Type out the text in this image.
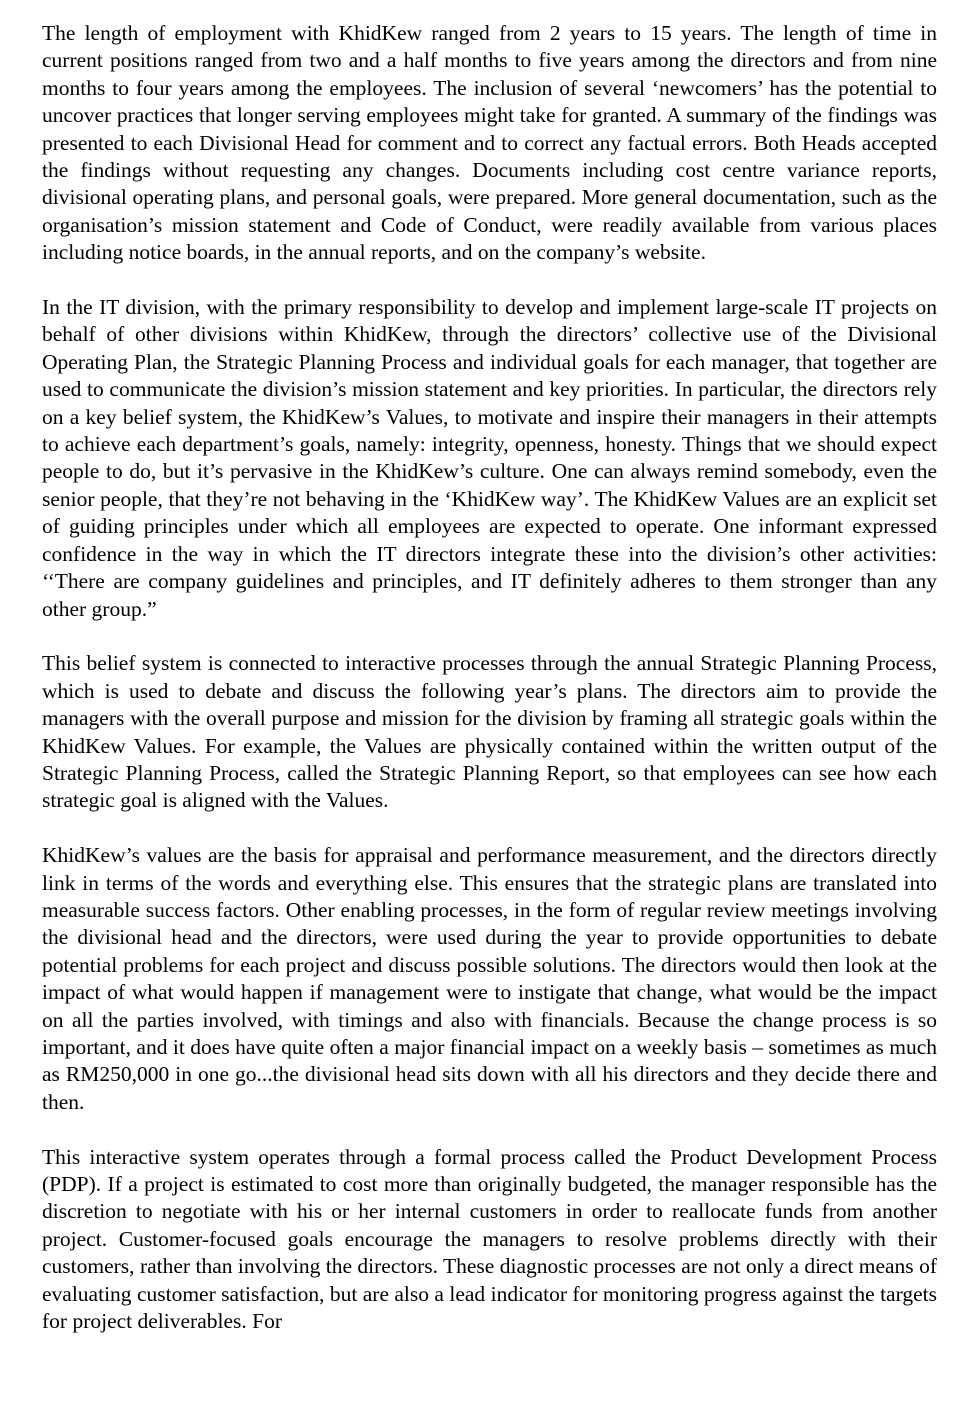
The length of employment with KhidKew ranged from 2 years to 15 years. The length of time in current positions ranged from two and a half months to five years among the directors and from nine months to four years among the employees. The inclusion of several ‘newcomers’ has the potential to uncover practices that longer serving employees might take for granted. A summary of the findings was presented to each Divisional Head for comment and to correct any factual errors. Both Heads accepted the findings without requesting any changes. Documents including cost centre variance reports, divisional operating plans, and personal goals, were prepared. More general documentation, such as the organisation’s mission statement and Code of Conduct, were readily available from various places including notice boards, in the annual reports, and on the company’s website.

In the IT division, with the primary responsibility to develop and implement large-scale IT projects on behalf of other divisions within KhidKew, through the directors’ collective use of the Divisional Operating Plan, the Strategic Planning Process and individual goals for each manager, that together are used to communicate the division’s mission statement and key priorities. In particular, the directors rely on a key belief system, the KhidKew’s Values, to motivate and inspire their managers in their attempts to achieve each department’s goals, namely: integrity, openness, honesty. Things that we should expect people to do, but it’s pervasive in the KhidKew’s culture. One can always remind somebody, even the senior people, that they’re not behaving in the ‘KhidKew way’. The KhidKew Values are an explicit set of guiding principles under which all employees are expected to operate. One informant expressed confidence in the way in which the IT directors integrate these into the division’s other activities: ‘‘There are company guidelines and principles, and IT definitely adheres to them stronger than any other group.”

This belief system is connected to interactive processes through the annual Strategic Planning Process, which is used to debate and discuss the following year’s plans. The directors aim to provide the managers with the overall purpose and mission for the division by framing all strategic goals within the KhidKew Values. For example, the Values are physically contained within the written output of the Strategic Planning Process, called the Strategic Planning Report, so that employees can see how each strategic goal is aligned with the Values.

KhidKew’s values are the basis for appraisal and performance measurement, and the directors directly link in terms of the words and everything else. This ensures that the strategic plans are translated into measurable success factors. Other enabling processes, in the form of regular review meetings involving the divisional head and the directors, were used during the year to provide opportunities to debate potential problems for each project and discuss possible solutions. The directors would then look at the impact of what would happen if management were to instigate that change, what would be the impact on all the parties involved, with timings and also with financials. Because the change process is so important, and it does have quite often a major financial impact on a weekly basis – sometimes as much as RM250,000 in one go...the divisional head sits down with all his directors and they decide there and then.

This interactive system operates through a formal process called the Product Development Process (PDP). If a project is estimated to cost more than originally budgeted, the manager responsible has the discretion to negotiate with his or her internal customers in order to reallocate funds from another project. Customer-focused goals encourage the managers to resolve problems directly with their customers, rather than involving the directors. These diagnostic processes are not only a direct means of evaluating customer satisfaction, but are also a lead indicator for monitoring progress against the targets for project deliverables. For
